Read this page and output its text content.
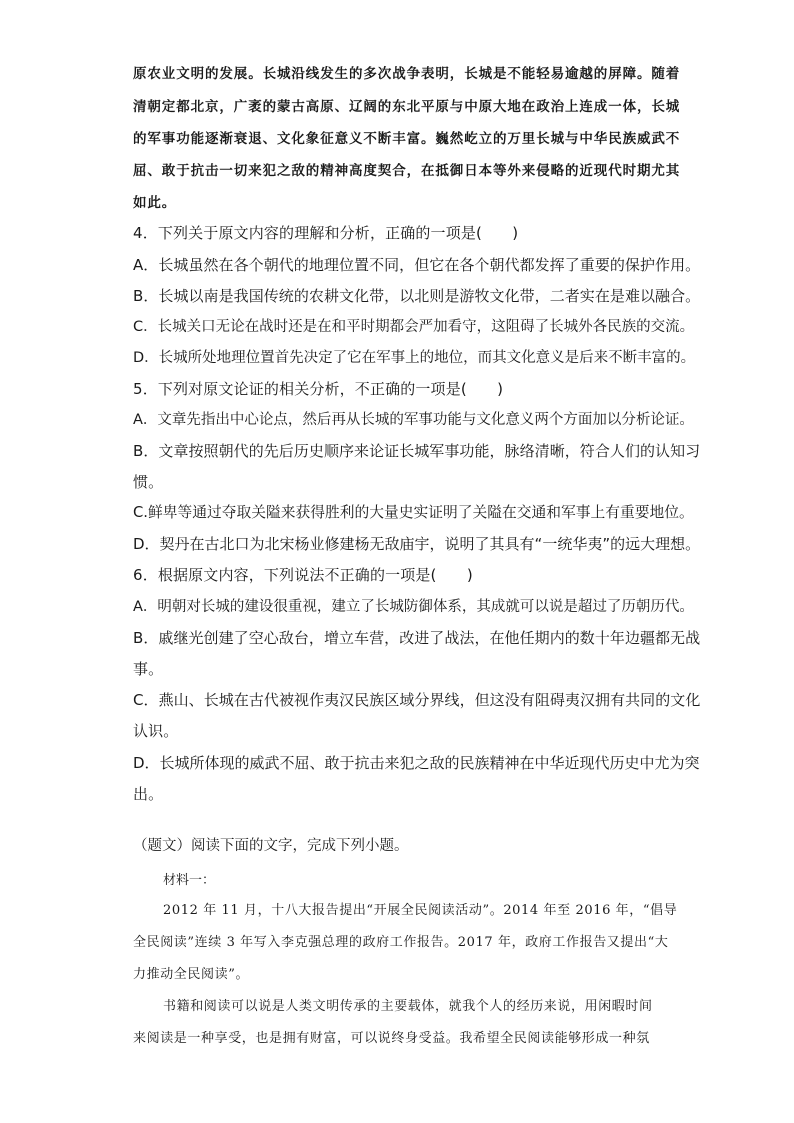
原农业文明的发展。长城沿线发生的多次战争表明，长城是不能轻易逾越的屏障。随着
清朝定都北京，广袤的蒙古高原、辽阔的东北平原与中原大地在政治上连成一体，长城
的军事功能逐渐衰退、文化象征意义不断丰富。巍然屹立的万里长城与中华民族威武不
屈、敢于抗击一切来犯之敌的精神高度契合，在抵御日本等外来侵略的近现代时期尤其
如此。
4．下列关于原文内容的理解和分析，正确的一项是(　　)
A．长城虽然在各个朝代的地理位置不同，但它在各个朝代都发挥了重要的保护作用。
B．长城以南是我国传统的农耕文化带，以北则是游牧文化带，二者实在是难以融合。
C．长城关口无论在战时还是在和平时期都会严加看守，这阻碍了长城外各民族的交流。
D．长城所处地理位置首先决定了它在军事上的地位，而其文化意义是后来不断丰富的。
5．下列对原文论证的相关分析，不正确的一项是(　　)
A．文章先指出中心论点，然后再从长城的军事功能与文化意义两个方面加以分析论证。
B．文章按照朝代的先后历史顺序来论证长城军事功能，脉络清晰，符合人们的认知习
惯。
C.鲜卑等通过夺取关隘来获得胜利的大量史实证明了关隘在交通和军事上有重要地位。
D．契丹在古北口为北宋杨业修建杨无敌庙宇，说明了其具有“一统华夷”的远大理想。
6．根据原文内容，下列说法不正确的一项是(　　)
A．明朝对长城的建设很重视，建立了长城防御体系，其成就可以说是超过了历朝历代。
B．戚继光创建了空心敌台，增立车营，改进了战法，在他任期内的数十年边疆都无战
事。
C．燕山、长城在古代被视作夷汉民族区域分界线，但这没有阻碍夷汉拥有共同的文化
认识。
D．长城所体现的威武不屈、敢于抗击来犯之敌的民族精神在中华近现代历史中尤为突
出。
（题文）阅读下面的文字，完成下列小题。
材料一：
2012 年 11 月，十八大报告提出“开展全民阅读活动”。2014 年至 2016 年，“倡导
全民阅读”连续 3 年写入李克强总理的政府工作报告。2017 年，政府工作报告又提出“大
力推动全民阅读”。
书籍和阅读可以说是人类文明传承的主要载体，就我个人的经历来说，用闲暇时间
来阅读是一种享受，也是拥有财富，可以说终身受益。我希望全民阅读能够形成一种氛
